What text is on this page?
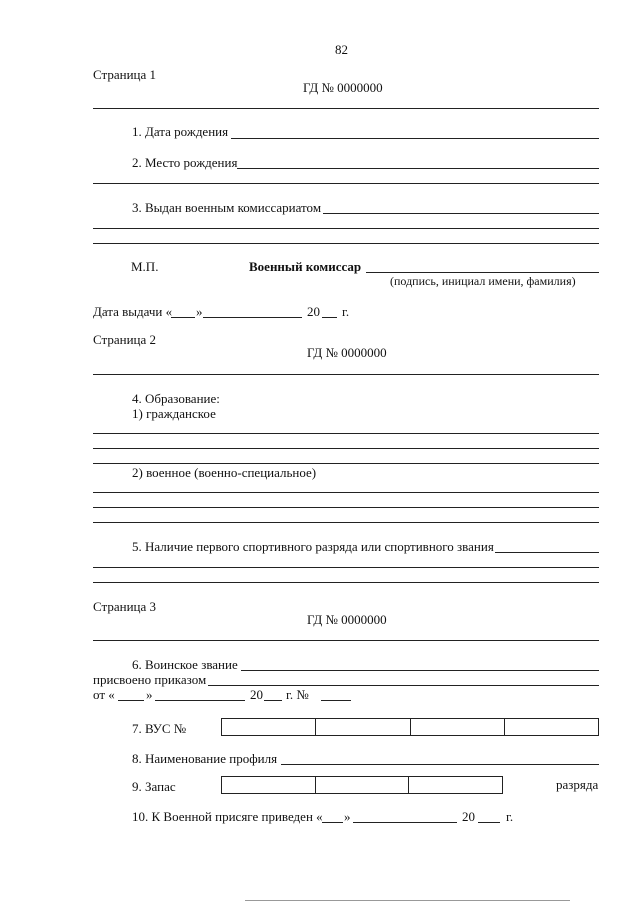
82
Страница 1
ГД № 0000000
1. Дата рождения
2. Место рождения
3. Выдан военным комиссариатом
М.П.	Военный комиссар
(подпись, инициал имени, фамилия)
Дата выдачи « »	20 г.
Страница 2
ГД № 0000000
4. Образование:
1) гражданское
2) военное (военно-специальное)
5. Наличие первого спортивного разряда или спортивного звания
Страница 3
ГД № 0000000
6. Воинское звание
присвоено приказом
от « »	20 г. №
7. ВУС №
8. Наименование профиля
9. Запас	разряда
10. К Военной присяге приведен « »	20 г.
